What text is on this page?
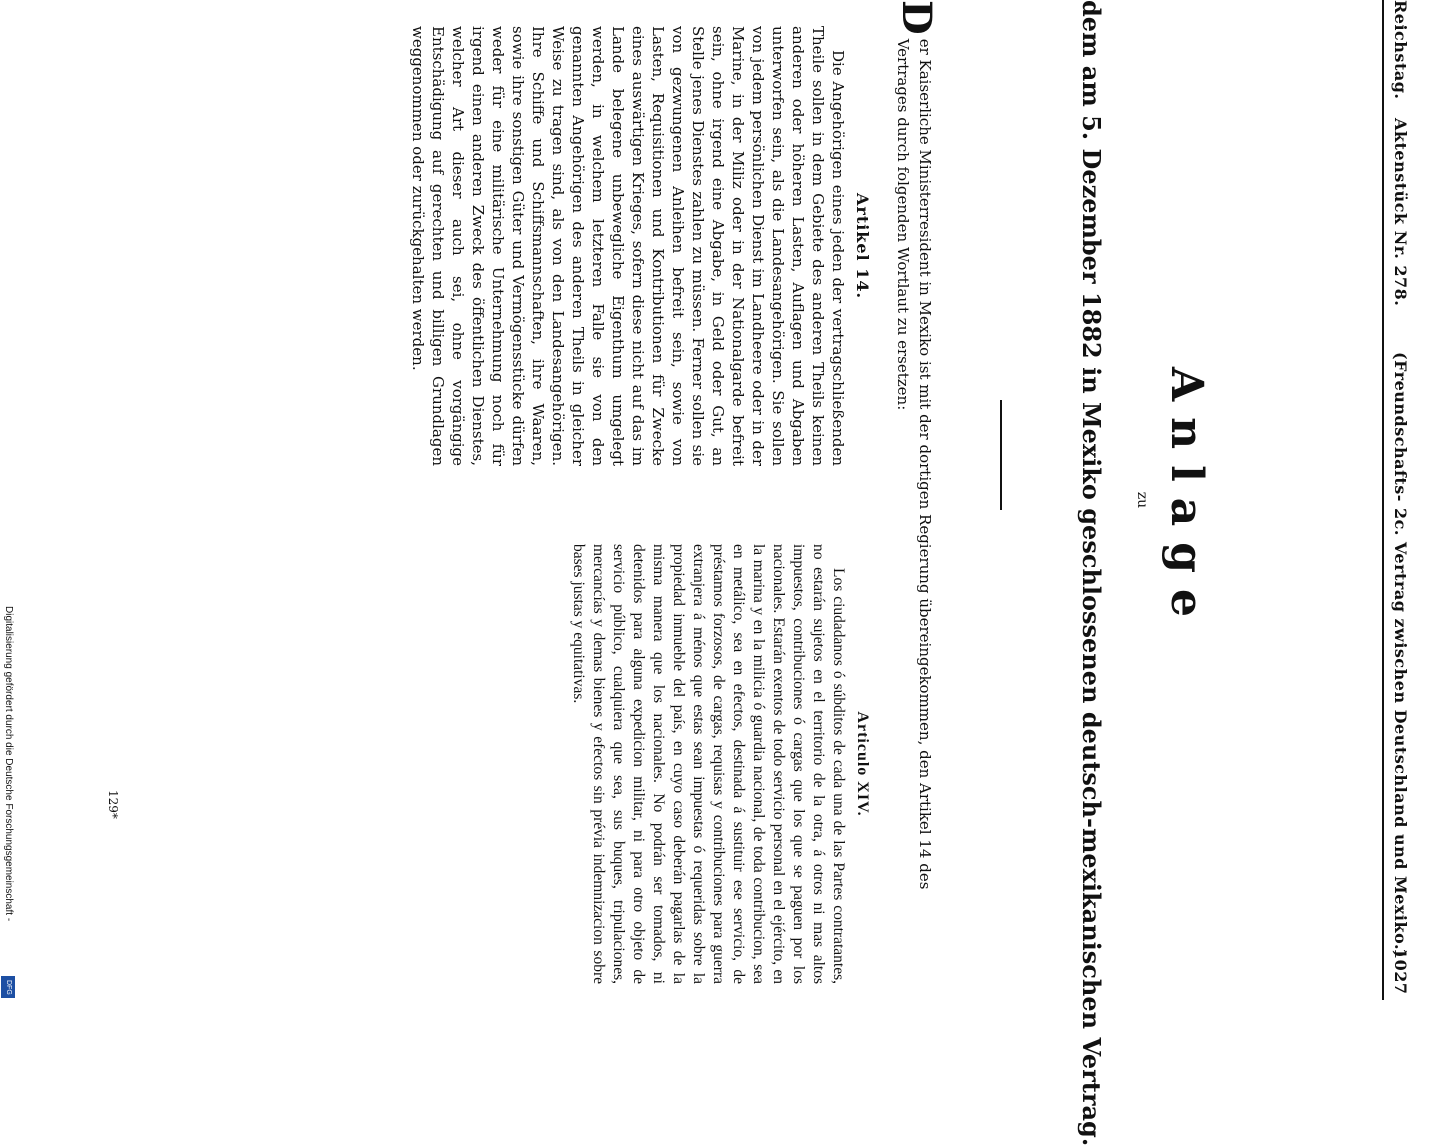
Reichstag.
Aktenstück Nr. 278.
(Freundschafts- 2c. Vertrag zwischen Deutschland und Mexiko.)
1027
Anlage
zu
dem am 5. Dezember 1882 in Mexiko geschlossenen deutsch-mexikanischen Vertrag.
D
er Kaiserliche Ministerresident in Mexiko ist mit der dortigen Regierung übereingekommen, den Artikel 14 des Vertrages durch folgenden Wortlaut zu ersetzen:
Artikel 14.

Die Angehörigen eines jeden der vertragschließenden Theile sollen in dem Gebiete des anderen Theils keinen anderen oder höheren Lasten, Auflagen und Abgaben unterworfen sein, als die Landesangehörigen. Sie sollen von jedem persönlichen Dienst im Landheere oder in der Marine, in der Miliz oder in der Nationalgarde befreit sein, ohne irgend eine Abgabe, in Geld oder Gut, an Stelle jenes Dienstes zahlen zu müssen. Ferner sollen sie von gezwungenen Anleihen befreit sein, sowie von Lasten, Requisitionen und Kontributionen für Zwecke eines auswärtigen Krieges, sofern diese nicht auf das im Lande belegene unbewegliche Eigenthum umgelegt werden, in welchem letzteren Falle sie von den genannten Angehörigen des anderen Theils in gleicher Weise zu tragen sind, als von den Landesangehörigen. Ihre Schiffe und Schiffsmannschaften, ihre Waaren, sowie ihre sonstigen Güter und Vermögensstücke dürfen weder für eine militärische Unternehmung noch für irgend einen anderen Zweck des öffentlichen Dienstes, welcher Art dieser auch sei, ohne vorgängige Entschädigung auf gerechten und billigen Grundlagen weggenommen oder zurückgehalten werden.

Articulo XIV.

Los ciudadanos ó súbditos de cada una de las Partes contratantes, no estarán sujetos en el territorio de la otra, á otros ni mas altos impuestos, contribuciones ó cargas que los que se paguen por los nacionales. Estarán exentos de todo servicio personal en el ejército, en la marina y en la milicia ó guardia nacional, de toda contribucion, sea en metálico, sea en efectos, destinada á sustituir ese servicio, de préstamos forzosos, de cargas, requisas y contribuciones para guerra extranjera á ménos que estas sean impuestas ó requeridas sobre la propiedad inmueble del país, en cuyo caso deberán pagarlas de la misma manera que los nacionales. No podrán ser tomados, ni detenidos para alguna expedicion militar, ni para otro objeto de servicio público, cualquiera que sea, sus buques, tripulaciones, mercancías y demas bienes y efectos sin prévia indemnizacion sobre bases justas y equitativas.

129*
Digitalisierung gefördert durch die Deutsche Forschungsgemeinschaft -
DFG
